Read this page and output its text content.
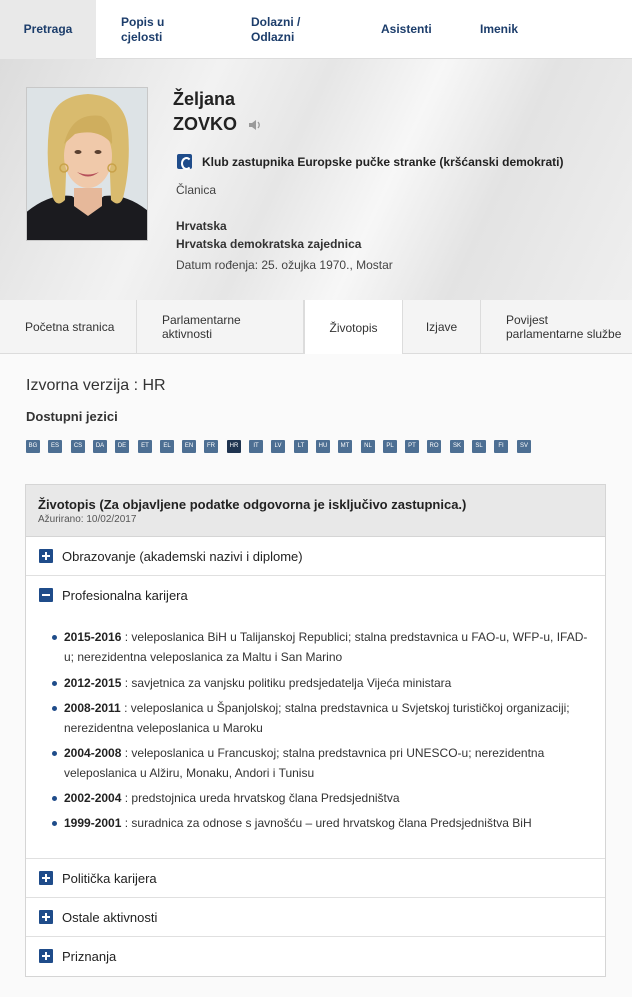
Pretraga
Popis u cjelosti
Dolazni / Odlazni
Asistenti	Imenik
Željana
ZOVKO
Klub zastupnika Europske pučke stranke (kršćanski demokrati)
Članica
Hrvatska
Hrvatska demokratska zajednica
Datum rođenja: 25. ožujka 1970., Mostar
Početna stranica	Parlamentarne aktivnosti	Životopis	Izjave	Povijest parlamentarne službe
Izvorna verzija : HR
Dostupni jezici
BG	ES	CS	DA	DE	ET	EL	EN	FR	HR	IT	LV	LT	HU	MT	NL	PL	PT	RO	SK	SL	FI	SV
Životopis (Za objavljene podatke odgovorna je isključivo zastupnica.)
Ažurirano: 10/02/2017
Obrazovanje (akademski nazivi i diplome)
Profesionalna karijera
2015-2016 : veleposlanica BiH u Talijanskoj Republici; stalna predstavnica u FAO-u, WFP-u, IFAD-u; nerezidentna veleposlanica za Maltu i San Marino
2012-2015 : savjetnica za vanjsku politiku predsjedatelja Vijeća ministara
2008-2011 : veleposlanica u Španjolskoj; stalna predstavnica u Svjetskoj turističkoj organizaciji; nerezidentna veleposlanica u Maroku
2004-2008 : veleposlanica u Francuskoj; stalna predstavnica pri UNESCO-u; nerezidentna veleposlanica u Alžiru, Monaku, Andori i Tunisu
2002-2004 : predstojnica ureda hrvatskog člana Predsjedništva
1999-2001 : suradnica za odnose s javnošću – ured hrvatskog člana Predsjedništva BiH
Politička karijera
Ostale aktivnosti
Priznanja
